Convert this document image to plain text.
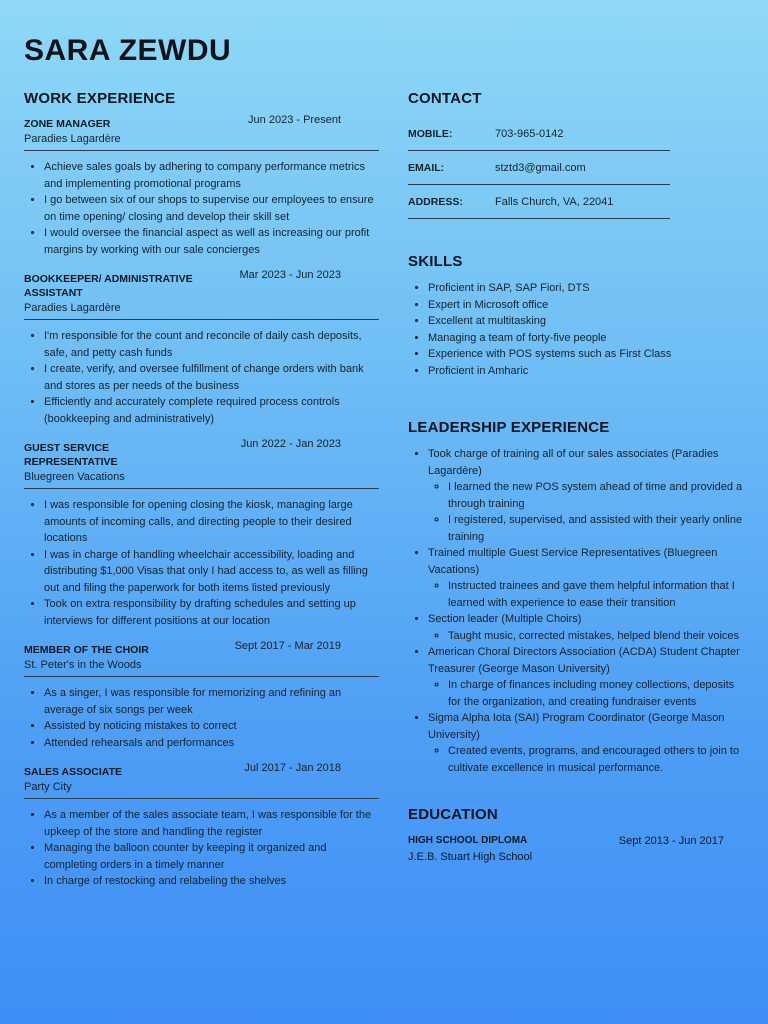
SARA ZEWDU
WORK EXPERIENCE
ZONE MANAGER	Jun 2023 - Present
Paradies Lagardère
• Achieve sales goals by adhering to company performance metrics and implementing promotional programs
• I go between six of our shops to supervise our employees to ensure on time opening/ closing and develop their skill set
• I would oversee the financial aspect as well as increasing our profit margins by working with our sale concierges
BOOKKEEPER/ ADMINISTRATIVE ASSISTANT
Mar 2023 - Jun 2023
Paradies Lagardère
• I'm responsible for the count and reconcile of daily cash deposits, safe, and petty cash funds
• I create, verify, and oversee fulfillment of change orders with bank and stores as per needs of the business
• Efficiently and accurately complete required process controls (bookkeeping and administratively)
GUEST SERVICE REPRESENTATIVE
Jun 2022 - Jan 2023
Bluegreen Vacations
• I was responsible for opening closing the kiosk, managing large amounts of incoming calls, and directing people to their desired locations
• I was in charge of handling wheelchair accessibility, loading and distributing $1,000 Visas that only I had access to, as well as filling out and filing the paperwork for both items listed previously
• Took on extra responsibility by drafting schedules and setting up interviews for different positions at our location
MEMBER OF THE CHOIR	Sept 2017 - Mar 2019
St. Peter's in the Woods
• As a singer, I was responsible for memorizing and refining an average of six songs per week
• Assisted by noticing mistakes to correct
• Attended rehearsals and performances
SALES ASSOCIATE	Jul 2017 - Jan 2018
Party City
• As a member of the sales associate team, I was responsible for the upkeep of the store and handling the register
• Managing the balloon counter by keeping it organized and completing orders in a timely manner
• In charge of restocking and relabeling the shelves
CONTACT
MOBILE:	703-965-0142
EMAIL:	stztd3@gmail.com
ADDRESS:	Falls Church, VA, 22041
SKILLS
• Proficient in SAP, SAP Fiori, DTS
• Expert in Microsoft office
• Excellent at multitasking
• Managing a team of forty-five people
• Experience with POS systems such as First Class
• Proficient in Amharic
LEADERSHIP EXPERIENCE
• Took charge of training all of our sales associates (Paradies Lagardère)
◦ I learned the new POS system ahead of time and provided a through training
◦ I registered, supervised, and assisted with their yearly online training
• Trained multiple Guest Service Representatives (Bluegreen Vacations)
◦ Instructed trainees and gave them helpful information that I learned with experience to ease their transition
• Section leader (Multiple Choirs)
◦ Taught music, corrected mistakes, helped blend their voices
• American Choral Directors Association (ACDA) Student Chapter Treasurer (George Mason University)
◦ In charge of finances including money collections, deposits for the organization, and creating fundraiser events
• Sigma Alpha Iota (SAI) Program Coordinator (George Mason University)
◦ Created events, programs, and encouraged others to join to cultivate excellence in musical performance.
EDUCATION
HIGH SCHOOL DIPLOMA	Sept 2013 - Jun 2017
J.E.B. Stuart High School
